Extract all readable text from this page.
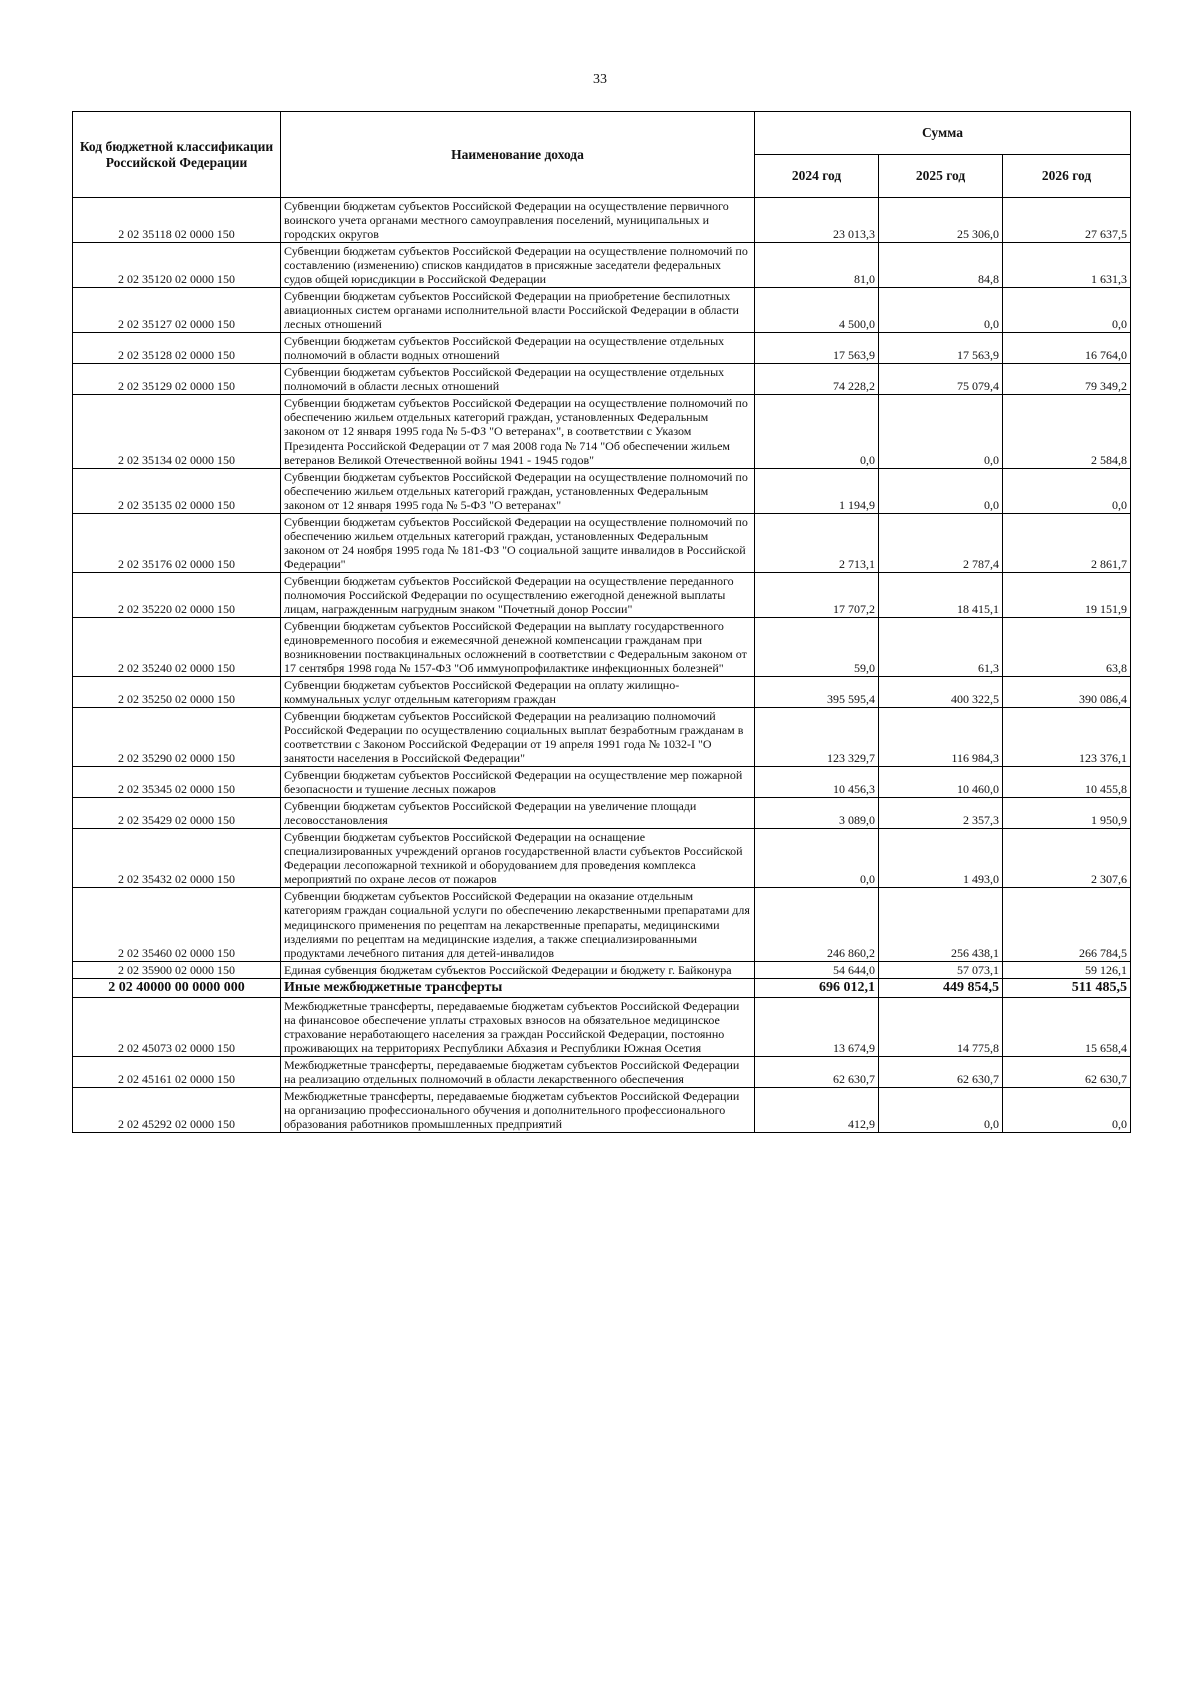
33
Код бюджетной классификации Российской Федерации	Наименование дохода	Сумма		
		2024 год	2025 год	2026 год
2 02 35118 02 0000 150	Субвенции бюджетам субъектов Российской Федерации на осуществление первичного воинского учета органами местного самоуправления поселений, муниципальных и городских округов	23 013,3	25 306,0	27 637,5
2 02 35120 02 0000 150	Субвенции бюджетам субъектов Российской Федерации на осуществление полномочий по составлению (изменению) списков кандидатов в присяжные заседатели федеральных судов общей юрисдикции в Российской Федерации	81,0	84,8	1 631,3
2 02 35127 02 0000 150	Субвенции бюджетам субъектов Российской Федерации на приобретение беспилотных авиационных систем органами исполнительной власти Российской Федерации в области лесных отношений	4 500,0	0,0	0,0
2 02 35128 02 0000 150	Субвенции бюджетам субъектов Российской Федерации на осуществление отдельных полномочий в области водных отношений	17 563,9	17 563,9	16 764,0
2 02 35129 02 0000 150	Субвенции бюджетам субъектов Российской Федерации на осуществление отдельных полномочий в области лесных отношений	74 228,2	75 079,4	79 349,2
2 02 35134 02 0000 150	Субвенции бюджетам субъектов Российской Федерации на осуществление полномочий по обеспечению жильем отдельных категорий граждан, установленных Федеральным законом от 12 января 1995 года № 5-ФЗ "О ветеранах", в соответствии с Указом Президента Российской Федерации от 7 мая 2008 года № 714 "Об обеспечении жильем ветеранов Великой Отечественной войны 1941 - 1945 годов"	0,0	0,0	2 584,8
2 02 35135 02 0000 150	Субвенции бюджетам субъектов Российской Федерации на осуществление полномочий по обеспечению жильем отдельных категорий граждан, установленных Федеральным законом от 12 января 1995 года № 5-ФЗ "О ветеранах"	1 194,9	0,0	0,0
2 02 35176 02 0000 150	Субвенции бюджетам субъектов Российской Федерации на осуществление полномочий по обеспечению жильем отдельных категорий граждан, установленных Федеральным законом от 24 ноября 1995 года № 181-ФЗ "О социальной защите инвалидов в Российской Федерации"	2 713,1	2 787,4	2 861,7
2 02 35220 02 0000 150	Субвенции бюджетам субъектов Российской Федерации на осуществление переданного полномочия Российской Федерации по осуществлению ежегодной денежной выплаты лицам, награжденным нагрудным знаком "Почетный донор России"	17 707,2	18 415,1	19 151,9
2 02 35240 02 0000 150	Субвенции бюджетам субъектов Российской Федерации на выплату государственного единовременного пособия и ежемесячной денежной компенсации гражданам при возникновении поствакцинальных осложнений в соответствии с Федеральным законом от 17 сентября 1998 года № 157-ФЗ "Об иммунопрофилактике инфекционных болезней"	59,0	61,3	63,8
2 02 35250 02 0000 150	Субвенции бюджетам субъектов Российской Федерации на оплату жилищно-коммунальных услуг отдельным категориям граждан	395 595,4	400 322,5	390 086,4
2 02 35290 02 0000 150	Субвенции бюджетам субъектов Российской Федерации на реализацию полномочий Российской Федерации по осуществлению социальных выплат безработным гражданам в соответствии с Законом Российской Федерации от 19 апреля 1991 года № 1032-I "О занятости населения в Российской Федерации"	123 329,7	116 984,3	123 376,1
2 02 35345 02 0000 150	Субвенции бюджетам субъектов Российской Федерации на осуществление мер пожарной безопасности и тушение лесных пожаров	10 456,3	10 460,0	10 455,8
2 02 35429 02 0000 150	Субвенции бюджетам субъектов Российской Федерации на увеличение площади лесовосстановления	3 089,0	2 357,3	1 950,9
2 02 35432 02 0000 150	Субвенции бюджетам субъектов Российской Федерации на оснащение специализированных учреждений органов государственной власти субъектов Российской Федерации лесопожарной техникой и оборудованием для проведения комплекса мероприятий по охране лесов от пожаров	0,0	1 493,0	2 307,6
2 02 35460 02 0000 150	Субвенции бюджетам субъектов Российской Федерации на оказание отдельным категориям граждан социальной услуги по обеспечению лекарственными препаратами для медицинского применения по рецептам на лекарственные препараты, медицинскими изделиями по рецептам на медицинские изделия, а также специализированными продуктами лечебного питания для детей-инвалидов	246 860,2	256 438,1	266 784,5
2 02 35900 02 0000 150	Единая субвенция бюджетам субъектов Российской Федерации и бюджету г. Байконура	54 644,0	57 073,1	59 126,1
2 02 40000 00 0000 000	Иные межбюджетные трансферты	696 012,1	449 854,5	511 485,5
2 02 45073 02 0000 150	Межбюджетные трансферты, передаваемые бюджетам субъектов Российской Федерации на финансовое обеспечение уплаты страховых взносов на обязательное медицинское страхование неработающего населения за граждан Российской Федерации, постоянно проживающих на территориях Республики Абхазия и Республики Южная Осетия	13 674,9	14 775,8	15 658,4
2 02 45161 02 0000 150	Межбюджетные трансферты, передаваемые бюджетам субъектов Российской Федерации на реализацию отдельных полномочий в области лекарственного обеспечения	62 630,7	62 630,7	62 630,7
2 02 45292 02 0000 150	Межбюджетные трансферты, передаваемые бюджетам субъектов Российской Федерации на организацию профессионального обучения и дополнительного профессионального образования работников промышленных предприятий	412,9	0,0	0,0
